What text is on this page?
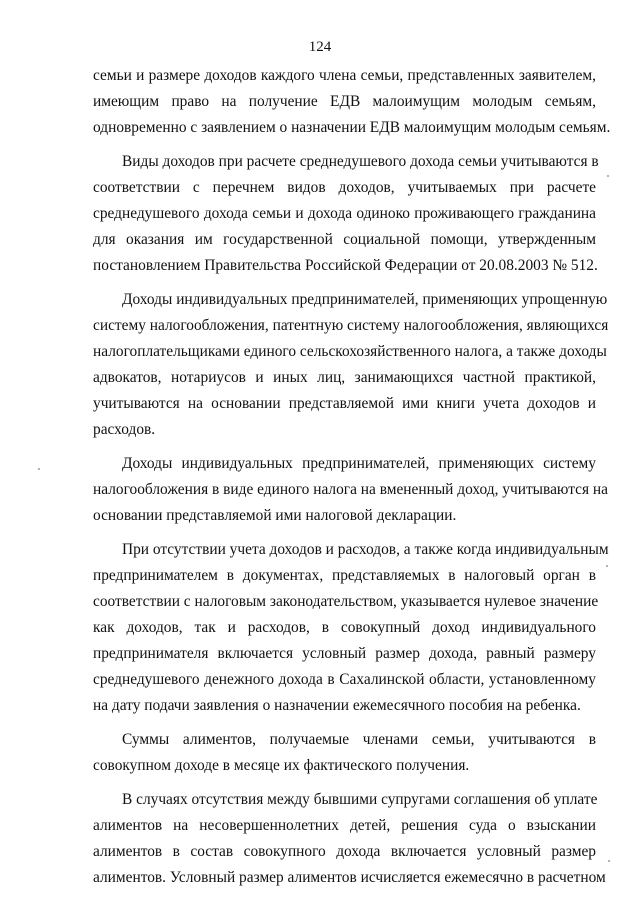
124
семьи и размере доходов каждого члена семьи, представленных заявителем,
имеющим право на получение ЕДВ малоимущим молодым семьям,
одновременно с заявлением о назначении ЕДВ малоимущим молодым семьям.
Виды доходов при расчете среднедушевого дохода семьи учитываются в
соответствии с перечнем видов доходов, учитываемых при расчете
среднедушевого дохода семьи и дохода одиноко проживающего гражданина
для оказания им государственной социальной помощи, утвержденным
постановлением Правительства Российской Федерации от 20.08.2003 № 512.
Доходы индивидуальных предпринимателей, применяющих упрощенную
систему налогообложения, патентную систему налогообложения, являющихся
налогоплательщиками единого сельскохозяйственного налога, а также доходы
адвокатов, нотариусов и иных лиц, занимающихся частной практикой,
учитываются на основании представляемой ими книги учета доходов и
расходов.
Доходы индивидуальных предпринимателей, применяющих систему
налогообложения в виде единого налога на вмененный доход, учитываются на
основании представляемой ими налоговой декларации.
При отсутствии учета доходов и расходов, а также когда индивидуальным
предпринимателем в документах, представляемых в налоговый орган в
соответствии с налоговым законодательством, указывается нулевое значение
как доходов, так и расходов, в совокупный доход индивидуального
предпринимателя включается условный размер дохода, равный размеру
среднедушевого денежного дохода в Сахалинской области, установленному
на дату подачи заявления о назначении ежемесячного пособия на ребенка.
Суммы алиментов, получаемые членами семьи, учитываются в
совокупном доходе в месяце их фактического получения.
В случаях отсутствия между бывшими супругами соглашения об уплате
алиментов на несовершеннолетних детей, решения суда о взыскании
алиментов в состав совокупного дохода включается условный размер
алиментов. Условный размер алиментов исчисляется ежемесячно в расчетном
